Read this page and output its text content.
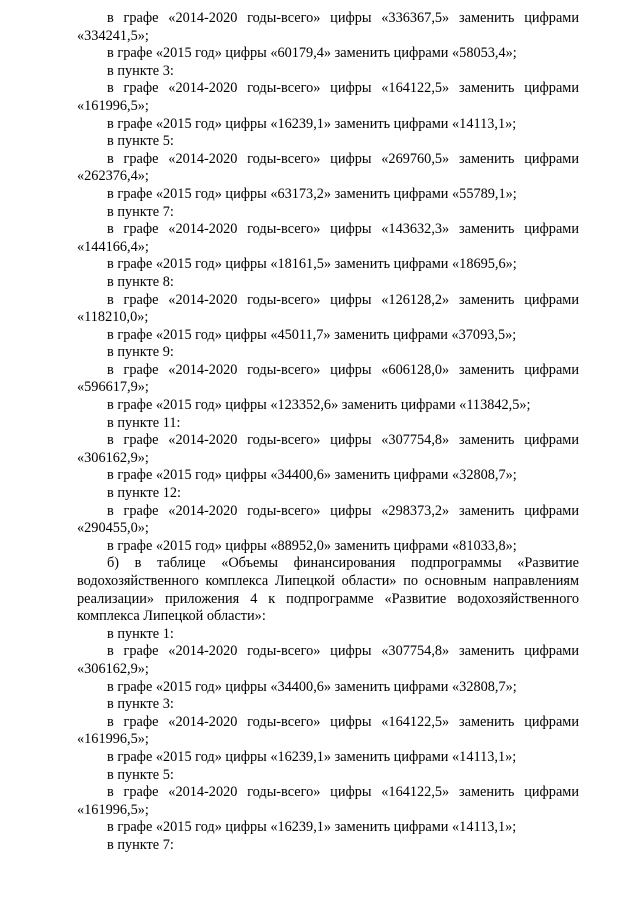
в графе «2014-2020 годы-всего» цифры «336367,5» заменить цифрами «334241,5»;

в графе «2015 год» цифры «60179,4» заменить цифрами «58053,4»;

в пункте 3:

в графе «2014-2020 годы-всего» цифры «164122,5» заменить цифрами «161996,5»;

в графе «2015 год» цифры «16239,1» заменить цифрами «14113,1»;

в пункте 5:

в графе «2014-2020 годы-всего» цифры «269760,5» заменить цифрами «262376,4»;

в графе «2015 год» цифры «63173,2» заменить цифрами «55789,1»;

в пункте 7:

в графе «2014-2020 годы-всего» цифры «143632,3» заменить цифрами «144166,4»;

в графе «2015 год» цифры «18161,5» заменить цифрами «18695,6»;

в пункте 8:

в графе «2014-2020 годы-всего» цифры «126128,2» заменить цифрами «118210,0»;

в графе «2015 год» цифры «45011,7» заменить цифрами «37093,5»;

в пункте 9:

в графе «2014-2020 годы-всего» цифры «606128,0» заменить цифрами «596617,9»;

в графе «2015 год» цифры «123352,6» заменить цифрами «113842,5»;

в пункте 11:

в графе «2014-2020 годы-всего» цифры «307754,8» заменить цифрами «306162,9»;

в графе «2015 год» цифры «34400,6» заменить цифрами «32808,7»;

в пункте 12:

в графе «2014-2020 годы-всего» цифры «298373,2» заменить цифрами «290455,0»;

в графе «2015 год» цифры «88952,0» заменить цифрами «81033,8»;

б) в таблице «Объемы финансирования подпрограммы «Развитие водохозяйственного комплекса Липецкой области» по основным направлениям реализации» приложения 4 к подпрограмме «Развитие водохозяйственного комплекса Липецкой области»:

в пункте 1:

в графе «2014-2020 годы-всего» цифры «307754,8» заменить цифрами «306162,9»;

в графе «2015 год» цифры «34400,6» заменить цифрами «32808,7»;

в пункте 3:

в графе «2014-2020 годы-всего» цифры «164122,5» заменить цифрами «161996,5»;

в графе «2015 год» цифры «16239,1» заменить цифрами «14113,1»;

в пункте 5:

в графе «2014-2020 годы-всего» цифры «164122,5» заменить цифрами «161996,5»;

в графе «2015 год» цифры «16239,1» заменить цифрами «14113,1»;

в пункте 7:
